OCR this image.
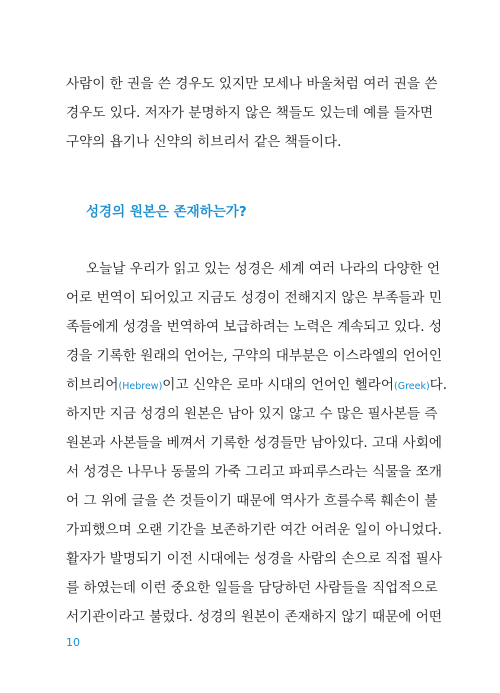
사람이 한 권을 쓴 경우도 있지만 모세나 바울처럼 여러 권을 쓴
경우도 있다. 저자가 분명하지 않은 책들도 있는데 예를 들자면
구약의 욥기나 신약의 히브리서 같은 책들이다.
성경의 원본은 존재하는가?
오늘날 우리가 읽고 있는 성경은 세계 여러 나라의 다양한 언
어로 번역이 되어있고 지금도 성경이 전해지지 않은 부족들과 민
족들에게 성경을 번역하여 보급하려는 노력은 계속되고 있다. 성
경을 기록한 원래의 언어는, 구약의 대부분은 이스라엘의 언어인
히브리어(Hebrew)이고 신약은 로마 시대의 언어인 헬라어(Greek)다.
하지만 지금 성경의 원본은 남아 있지 않고 수 많은 필사본들 즉
원본과 사본들을 베껴서 기록한 성경들만 남아있다. 고대 사회에
서 성경은 나무나 동물의 가죽 그리고 파피루스라는 식물을 쪼개
어 그 위에 글을 쓴 것들이기 때문에 역사가 흐를수록 훼손이 불
가피했으며 오랜 기간을 보존하기란 여간 어려운 일이 아니었다.
활자가 발명되기 이전 시대에는 성경을 사람의 손으로 직접 필사
를 하였는데 이런 중요한 일들을 담당하던 사람들을 직업적으로
서기관이라고 불렀다. 성경의 원본이 존재하지 않기 때문에 어떤
10
